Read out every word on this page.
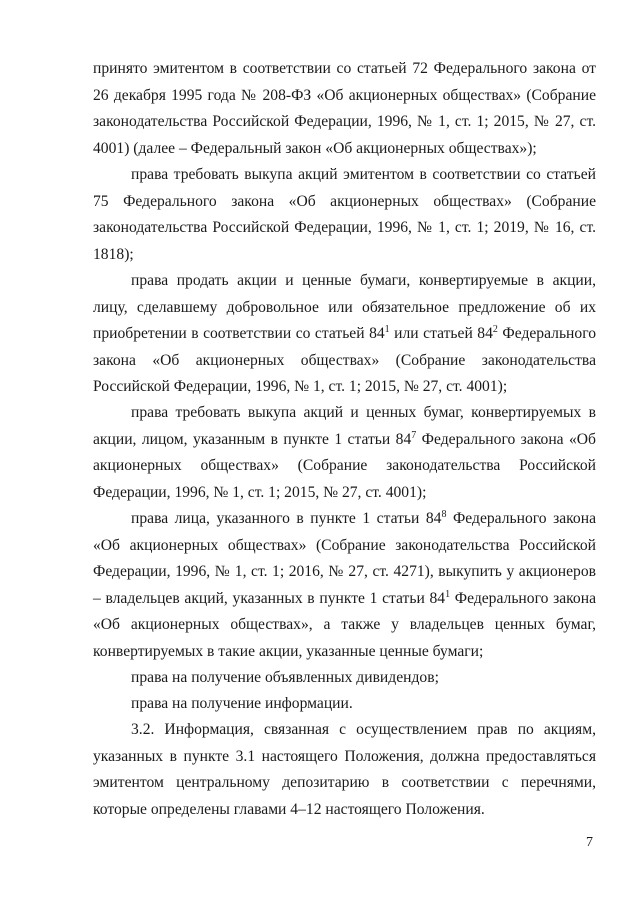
принято эмитентом в соответствии со статьей 72 Федерального закона от 26 декабря 1995 года № 208-ФЗ «Об акционерных обществах» (Собрание законодательства Российской Федерации, 1996, № 1, ст. 1; 2015, № 27, ст. 4001) (далее – Федеральный закон «Об акционерных обществах»);

права требовать выкупа акций эмитентом в соответствии со статьей 75 Федерального закона «Об акционерных обществах» (Собрание законодательства Российской Федерации, 1996, № 1, ст. 1; 2019, № 16, ст. 1818);

права продать акции и ценные бумаги, конвертируемые в акции, лицу, сделавшему добровольное или обязательное предложение об их приобретении в соответствии со статьей $84^1$ или статьей $84^2$ Федерального закона «Об акционерных обществах» (Собрание законодательства Российской Федерации, 1996, № 1, ст. 1; 2015, № 27, ст. 4001);

права требовать выкупа акций и ценных бумаг, конвертируемых в акции, лицом, указанным в пункте 1 статьи $84^7$ Федерального закона «Об акционерных обществах» (Собрание законодательства Российской Федерации, 1996, № 1, ст. 1; 2015, № 27, ст. 4001);

права лица, указанного в пункте 1 статьи $84^8$ Федерального закона «Об акционерных обществах» (Собрание законодательства Российской Федерации, 1996, № 1, ст. 1; 2016, № 27, ст. 4271), выкупить у акционеров – владельцев акций, указанных в пункте 1 статьи $84^1$ Федерального закона «Об акционерных обществах», а также у владельцев ценных бумаг, конвертируемых в такие акции, указанные ценные бумаги;

права на получение объявленных дивидендов;

права на получение информации.

3.2. Информация, связанная с осуществлением прав по акциям, указанных в пункте 3.1 настоящего Положения, должна предоставляться эмитентом центральному депозитарию в соответствии с перечнями, которые определены главами 4–12 настоящего Положения.

7
